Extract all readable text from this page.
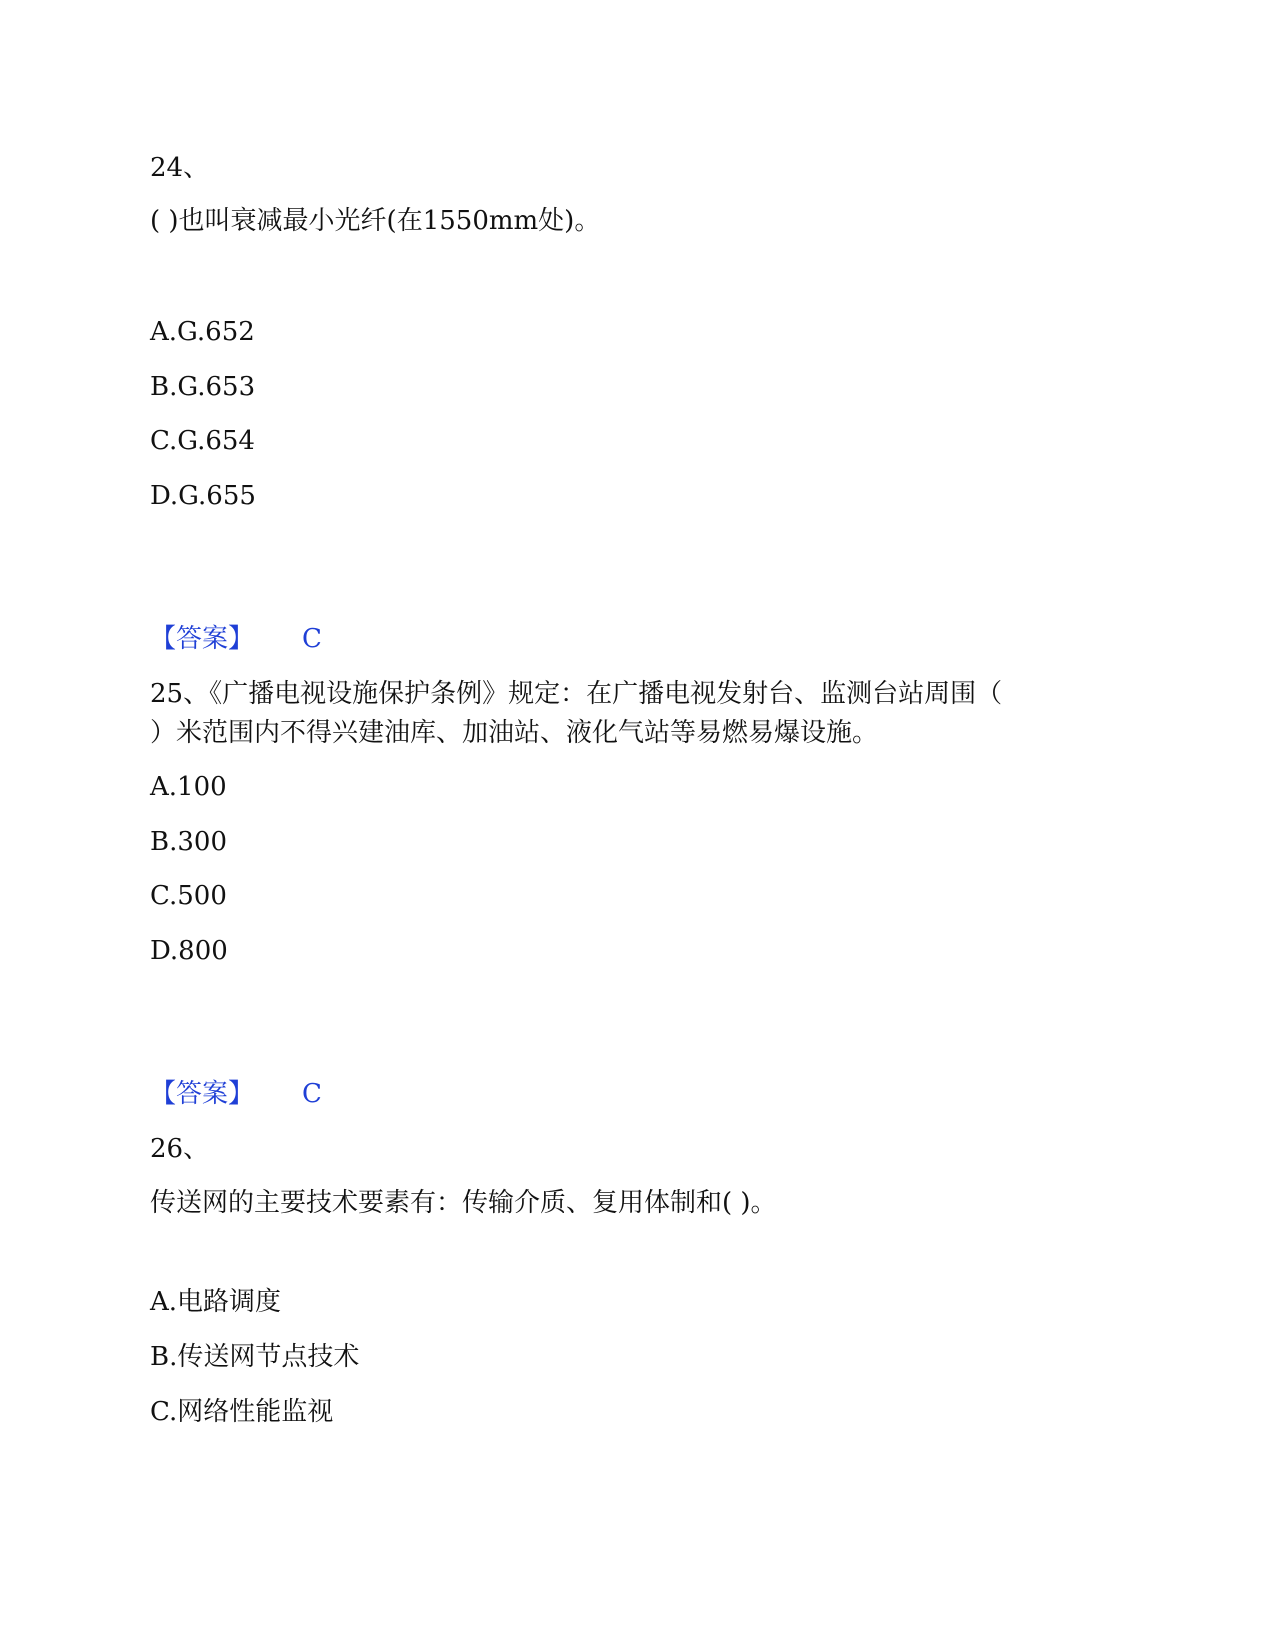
24、
( )也叫衰减最小光纤(在1550mm处)。
A.G.652
B.G.653
C.G.654
D.G.655
【答案】 C
25、《广播电视设施保护条例》规定：在广播电视发射台、监测台站周围（
）米范围内不得兴建油库、加油站、液化气站等易燃易爆设施。
A.100
B.300
C.500
D.800
【答案】 C
26、
传送网的主要技术要素有：传输介质、复用体制和( )。
A.电路调度
B.传送网节点技术
C.网络性能监视
